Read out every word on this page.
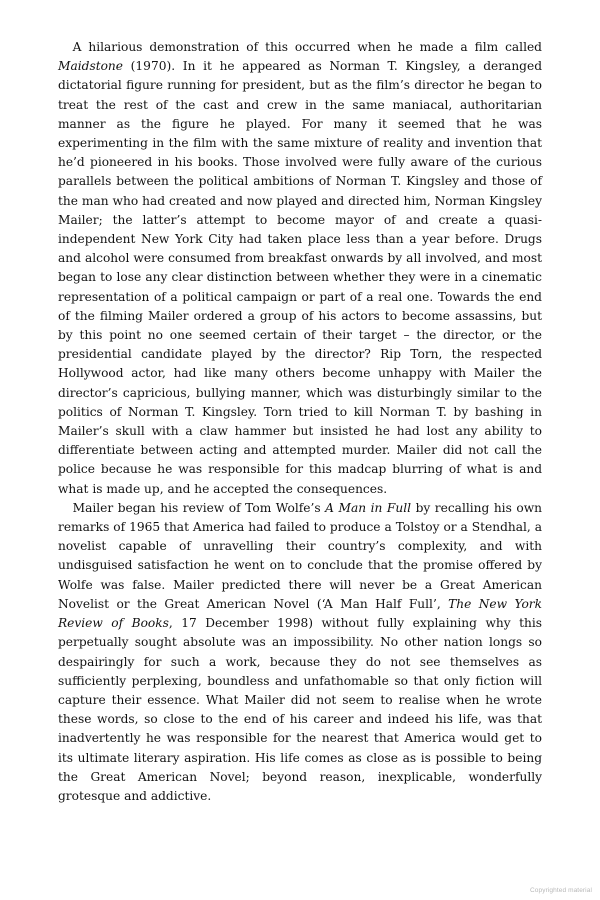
A hilarious demonstration of this occurred when he made a film called Maidstone (1970). In it he appeared as Norman T. Kingsley, a deranged dictatorial figure running for president, but as the film’s director he began to treat the rest of the cast and crew in the same maniacal, authoritarian manner as the figure he played. For many it seemed that he was experimenting in the film with the same mixture of reality and invention that he’d pioneered in his books. Those involved were fully aware of the curious parallels between the political ambitions of Norman T. Kingsley and those of the man who had created and now played and directed him, Norman Kingsley Mailer; the latter’s attempt to become mayor of and create a quasi-independent New York City had taken place less than a year before. Drugs and alcohol were consumed from breakfast onwards by all involved, and most began to lose any clear distinction between whether they were in a cinematic representation of a political campaign or part of a real one. Towards the end of the filming Mailer ordered a group of his actors to become assassins, but by this point no one seemed certain of their target – the director, or the presidential candidate played by the director? Rip Torn, the respected Hollywood actor, had like many others become unhappy with Mailer the director’s capricious, bullying manner, which was disturbingly similar to the politics of Norman T. Kingsley. Torn tried to kill Norman T. by bashing in Mailer’s skull with a claw hammer but insisted he had lost any ability to differentiate between acting and attempted murder. Mailer did not call the police because he was responsible for this madcap blurring of what is and what is made up, and he accepted the consequences.

Mailer began his review of Tom Wolfe’s A Man in Full by recalling his own remarks of 1965 that America had failed to produce a Tolstoy or a Stendhal, a novelist capable of unravelling their country’s complexity, and with undisguised satisfaction he went on to conclude that the promise offered by Wolfe was false. Mailer predicted there will never be a Great American Novelist or the Great American Novel (‘A Man Half Full’, The New York Review of Books, 17 December 1998) without fully explaining why this perpetually sought absolute was an impossibility. No other nation longs so despairingly for such a work, because they do not see themselves as sufficiently perplexing, boundless and unfathomable so that only fiction will capture their essence. What Mailer did not seem to realise when he wrote these words, so close to the end of his career and indeed his life, was that inadvertently he was responsible for the nearest that America would get to its ultimate literary aspiration. His life comes as close as is possible to being the Great American Novel; beyond reason, inexplicable, wonderfully grotesque and addictive.

Copyrighted material
